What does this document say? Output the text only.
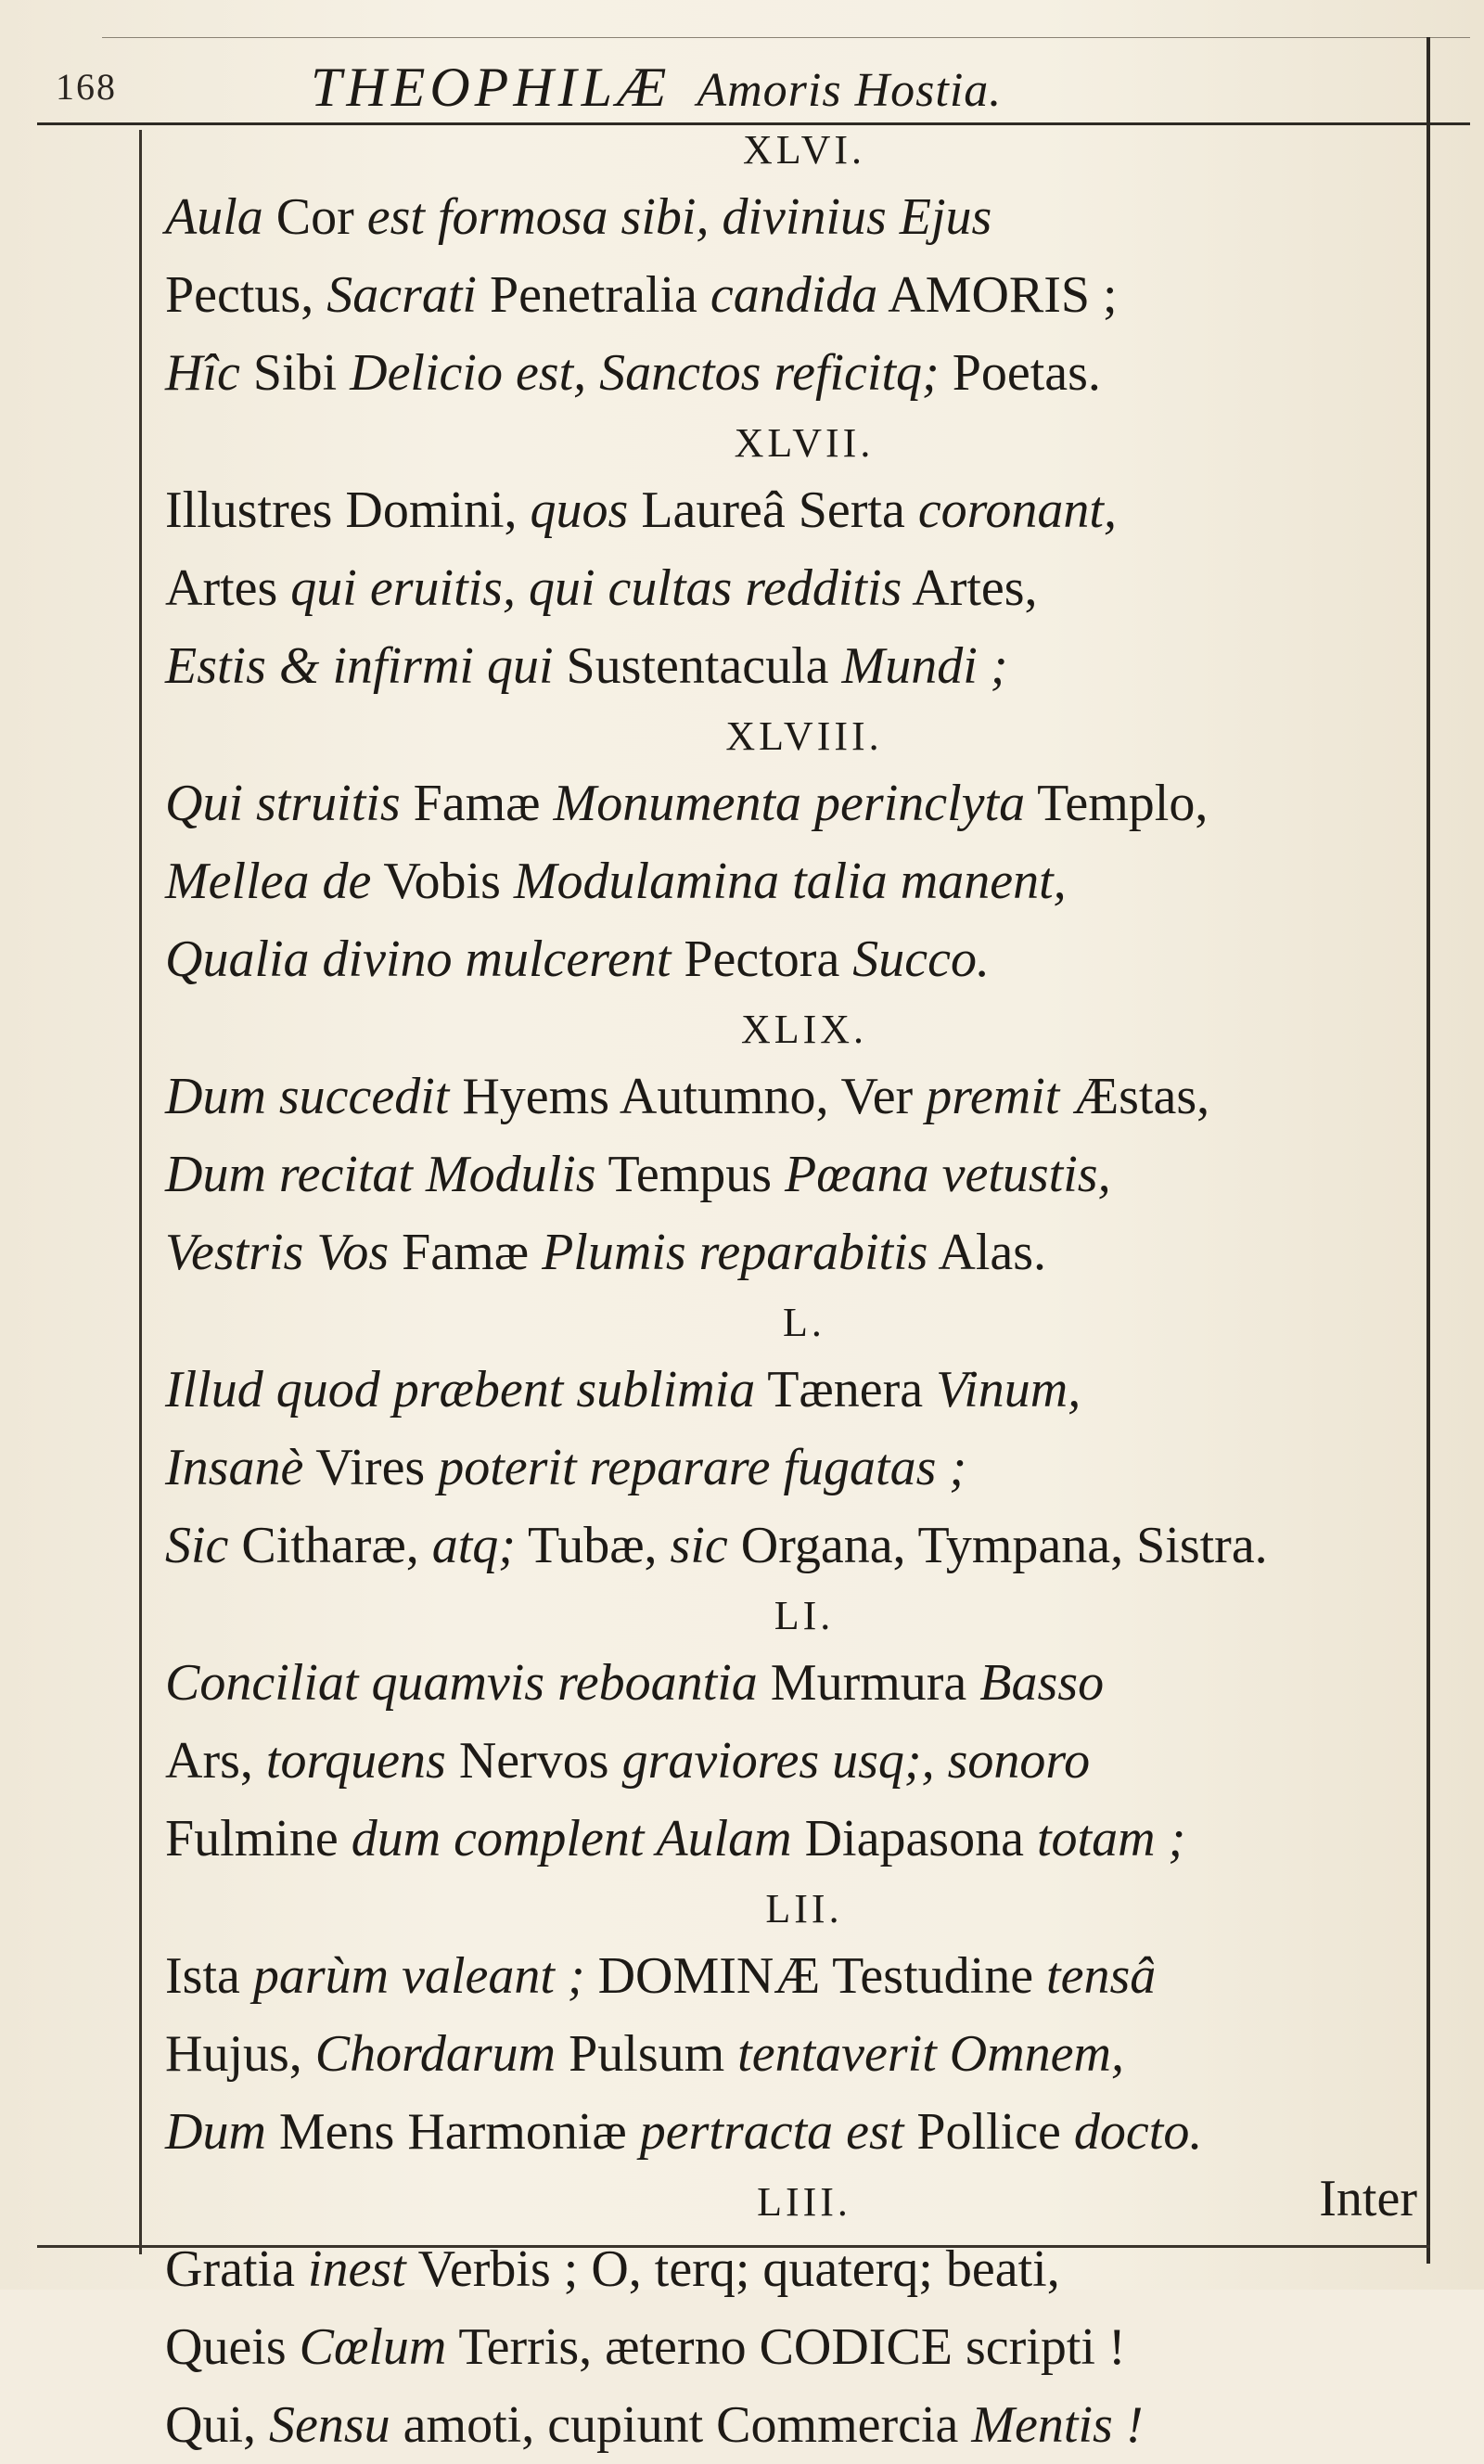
168	THEOPHILÆ Amoris Hostia.
XLVI.
Aula Cor est formosa sibi, divinius Ejus
Pectus, Sacrati Penetralia candida AMORIS ;
Hîc Sibi Delicio est, Sanctos reficitq; Poetas.
XLVII.
Illustres Domini, quos Laureâ Serta coronant,
Artes qui eruitis, qui cultas redditis Artes,
Estis & infirmi qui Sustentacula Mundi ;
XLVIII.
Qui struitis Famæ Monumenta perinclyta Templo,
Mellea de Vobis Modulamina talia manent,
Qualia divino mulcerent Pectora Succo.
XLIX.
Dum succedit Hyems Autumno, Ver premit Æstas,
Dum recitat Modulis Tempus Pœana vetustis,
Vestris Vos Famæ Plumis reparabitis Alas.
L.
Illud quod præbent sublimia Tænera Vinum,
Insanè Vires poterit reparare fugatas ;
Sic Citharæ, atq; Tubæ, sic Organa, Tympana, Sistra.
LI.
Conciliat quamvis reboantia Murmura Basso
Ars, torquens Nervos graviores usq;, sonoro
Fulmine dum complent Aulam Diapasona totam ;
LII.
Ista parùm valeant ; DOMINÆ Testudine tensâ
Hujus, Chordarum Pulsum tentaverit Omnem,
Dum Mens Harmoniæ pertracta est Pollice docto.
LIII.
Gratia inest Verbis ; O, terq; quaterq; beati,
Queis Cœlum Terris, æterno CODICE scripti !
Qui, Sensu amoti, cupiunt Commercia Mentis !
Inter
